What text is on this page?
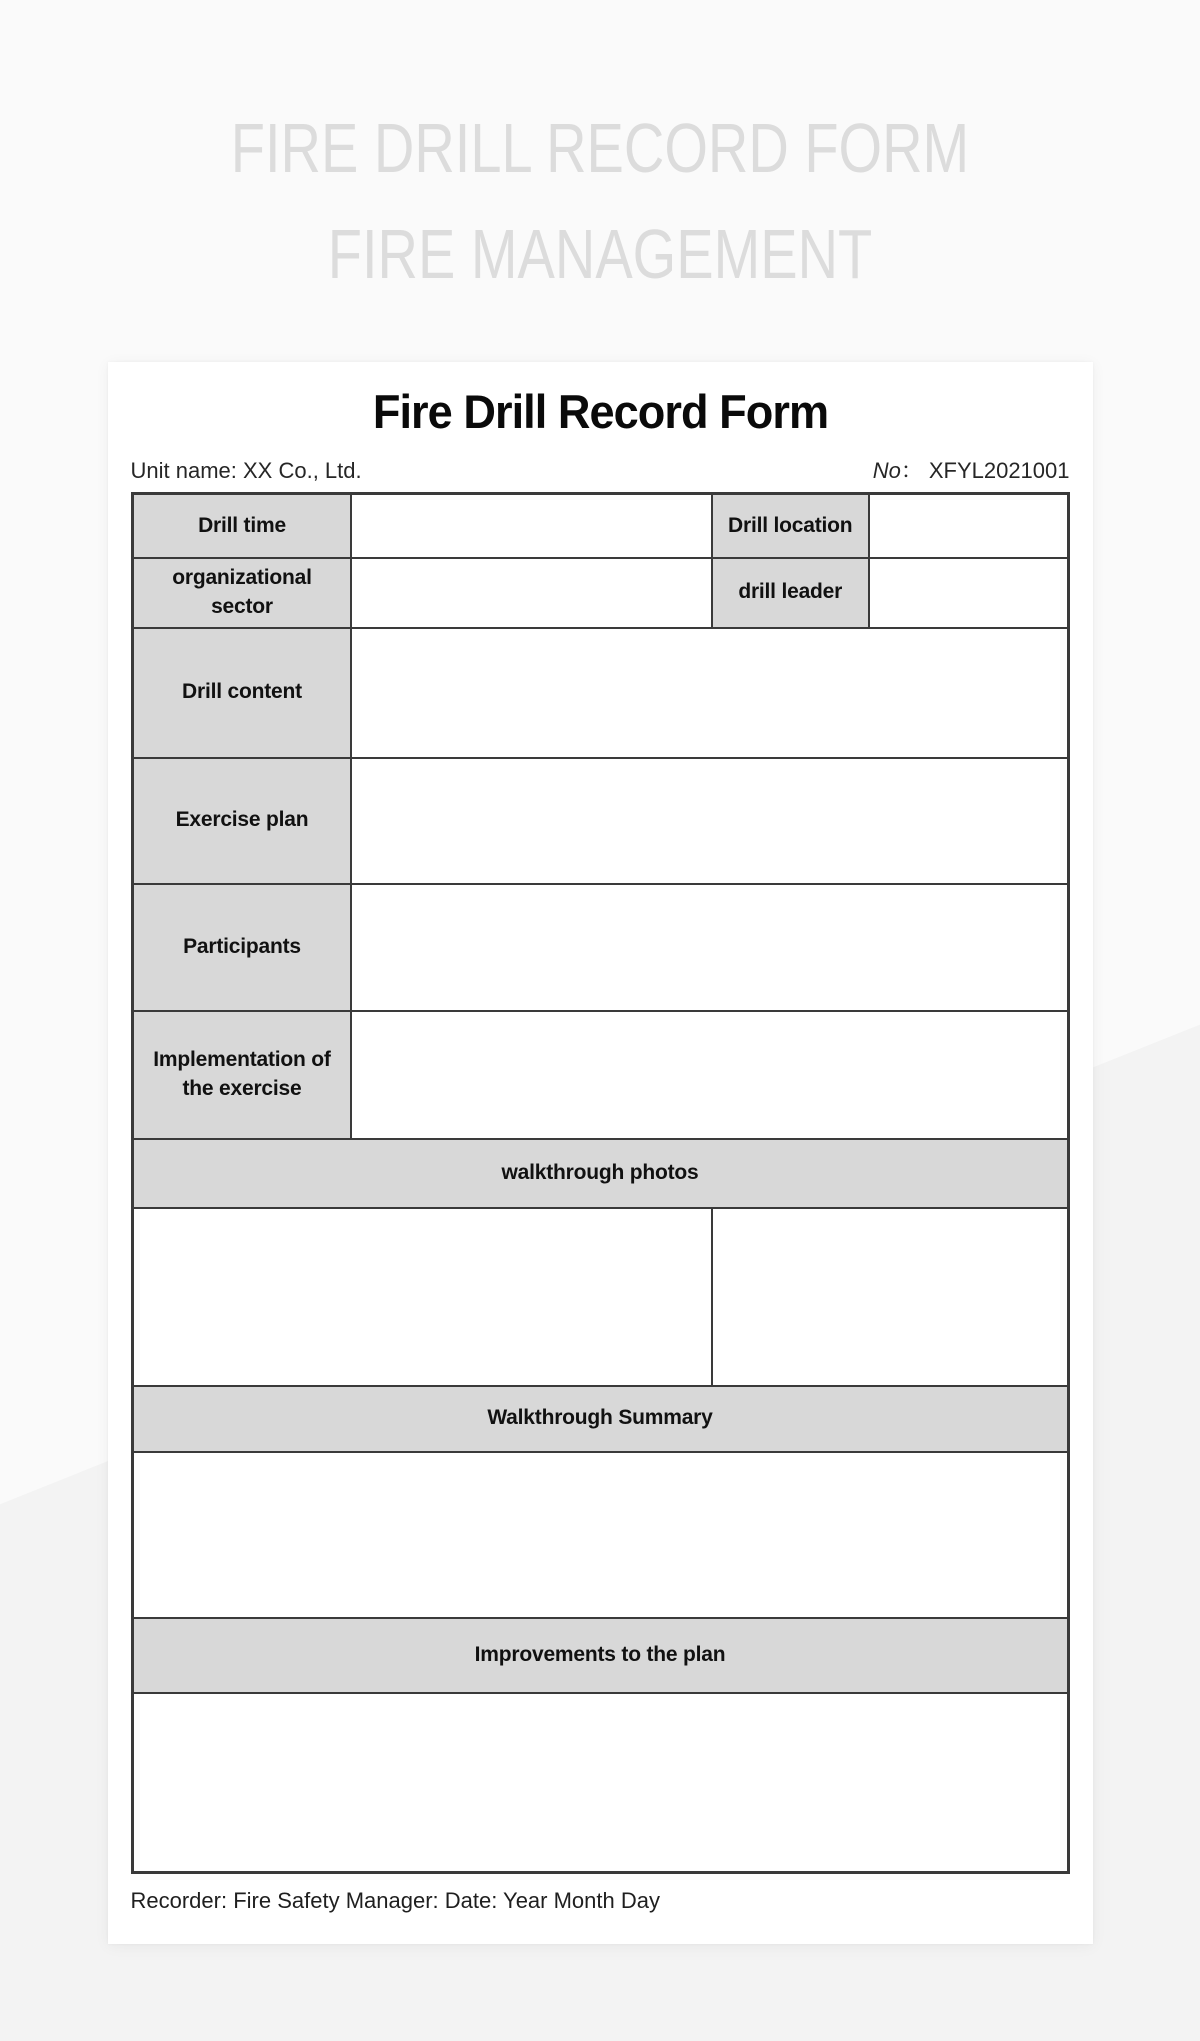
FIRE DRILL RECORD FORM
FIRE MANAGEMENT
Fire Drill Record Form
Unit name: XX Co., Ltd.	No： XFYL2021001
Drill time		Drill location	
organizational sector		drill leader	
Drill content			
Exercise plan			
Participants			
Implementation of the exercise			
walkthrough photos			

Walkthrough Summary			

Improvements to the plan			

Recorder: Fire Safety Manager: Date: Year Month Day
